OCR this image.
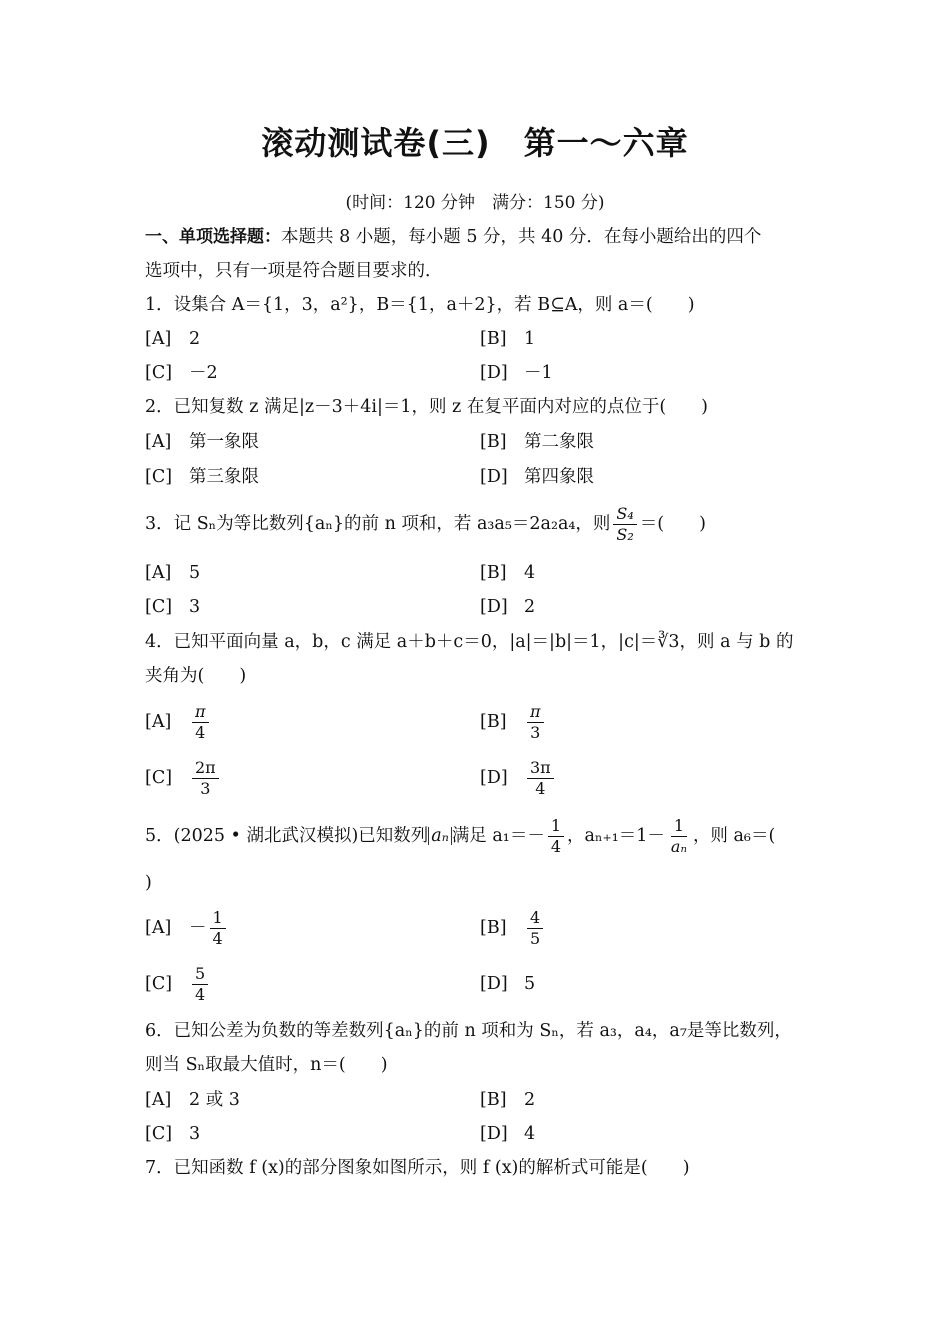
滚动测试卷(三)　第一～六章
(时间：120 分钟　满分：150 分)
一、单项选择题：本题共 8 小题，每小题 5 分，共 40 分．在每小题给出的四个
选项中，只有一项是符合题目要求的．
1．设集合 A＝{1，3，a²}，B＝{1，a＋2}，若 B⊆A，则 a＝(　　)
[A] 2	[B] 1
[C] －2	[D] －1
2．已知复数 z 满足|z－3＋4i|＝1，则 z 在复平面内对应的点位于(　　)
[A] 第一象限	[B] 第二象限
[C] 第三象限	[D] 第四象限
3．记 Sₙ为等比数列{aₙ}的前 n 项和，若 a₃a₅＝2a₂a₄，则 $\frac{\text{S₄}}{\text{S₂}}$ ＝(　　)
[A] 5	[B] 4
[C] 3	[D] 2
4．已知平面向量 a，b，c 满足 a＋b＋c＝0，|a|＝|b|＝1，|c|＝∛3，则 a 与 b 的
夹角为(　　)
$[A] \frac{\pi}{4}$	$[B] \frac{\pi}{3}$
$[C] \frac{2\pi}{3}$	$[D] \frac{3\pi}{4}$
5．(2025 • 湖北武汉模拟)已知数列 aₙ 满足 $a_1=- \frac{1}{4}$ ，$a_{n+1}=1- \frac{1}{\text{aₙ}}$ ，则 a₆＝(
)
$[A] - \frac{1}{4}$	$[B] \frac{4}{5}$
$[C] \frac{5}{4}$	[D] 5
6．已知公差为负数的等差数列{aₙ}的前 n 项和为 Sₙ，若 a₃，a₄，a₇是等比数列，
则当 Sₙ取最大值时，n＝(　　)
[A] 2 或 3	[B] 2
[C] 3	[D] 4
7．已知函数 f (x)的部分图象如图所示，则 f (x)的解析式可能是(　　)
